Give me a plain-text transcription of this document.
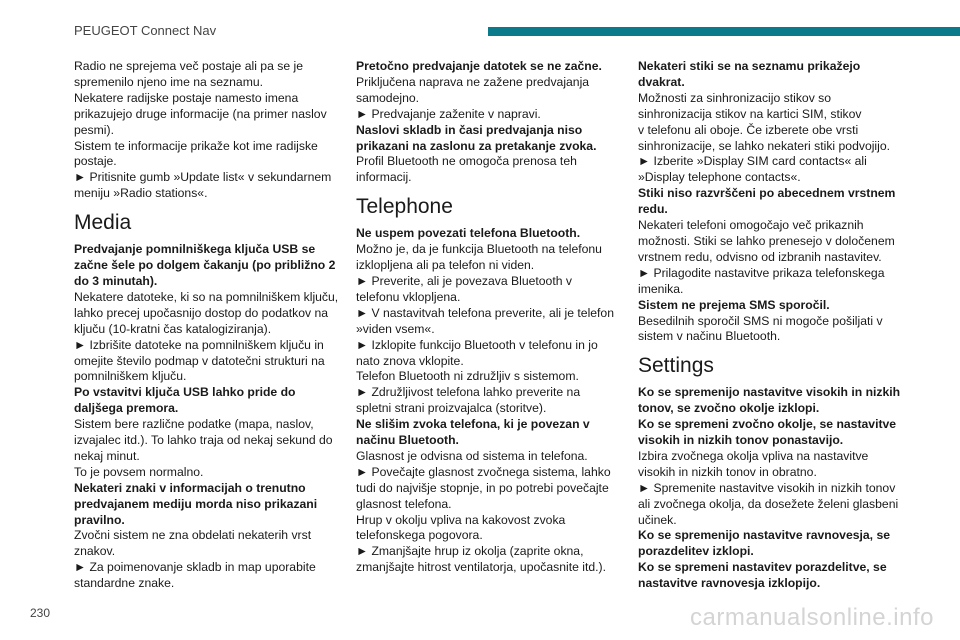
PEUGEOT Connect Nav

Radio ne sprejema več postaje ali pa se je

spremenilo njeno ime na seznamu.

Nekatere radijske postaje namesto imena

prikazujejo druge informacije (na primer naslov

pesmi).

Sistem te informacije prikaže kot ime radijske

postaje.

► Pritisnite gumb »Update list« v sekundarnem

meniju »Radio stations«.

Media

Predvajanje pomnilniškega ključa USB se

začne šele po dolgem čakanju (po približno 2

do 3 minutah).

Nekatere datoteke, ki so na pomnilniškem ključu,

lahko precej upočasnijo dostop do podatkov na

ključu (10-kratni čas katalogiziranja).

► Izbrišite datoteke na pomnilniškem ključu in

omejite število podmap v datotečni strukturi na

pomnilniškem ključu.

Po vstavitvi ključa USB lahko pride do

daljšega premora.

Sistem bere različne podatke (mapa, naslov,

izvajalec itd.). To lahko traja od nekaj sekund do

nekaj minut.

To je povsem normalno.

Nekateri znaki v informacijah o trenutno

predvajanem mediju morda niso prikazani

pravilno.

Zvočni sistem ne zna obdelati nekaterih vrst

znakov.

► Za poimenovanje skladb in map uporabite

standardne znake.

Pretočno predvajanje datotek se ne začne.

Priključena naprava ne zažene predvajanja

samodejno.

► Predvajanje zaženite v napravi.

Naslovi skladb in časi predvajanja niso

prikazani na zaslonu za pretakanje zvoka.

Profil Bluetooth ne omogoča prenosa teh

informacij.

Telephone

Ne uspem povezati telefona Bluetooth.

Možno je, da je funkcija Bluetooth na telefonu

izklopljena ali pa telefon ni viden.

► Preverite, ali je povezava Bluetooth v

telefonu vklopljena.

► V nastavitvah telefona preverite, ali je telefon

»viden vsem«.

► Izklopite funkcijo Bluetooth v telefonu in jo

nato znova vklopite.

Telefon Bluetooth ni združljiv s sistemom.

► Združljivost telefona lahko preverite na

spletni strani proizvajalca (storitve).

Ne slišim zvoka telefona, ki je povezan v

načinu Bluetooth.

Glasnost je odvisna od sistema in telefona.

► Povečajte glasnost zvočnega sistema, lahko

tudi do najvišje stopnje, in po potrebi povečajte

glasnost telefona.

Hrup v okolju vpliva na kakovost zvoka

telefonskega pogovora.

► Zmanjšajte hrup iz okolja (zaprite okna,

zmanjšajte hitrost ventilatorja, upočasnite itd.).

Nekateri stiki se na seznamu prikažejo

dvakrat.

Možnosti za sinhronizacijo stikov so

sinhronizacija stikov na kartici SIM, stikov

v telefonu ali oboje. Če izberete obe vrsti

sinhronizacije, se lahko nekateri stiki podvojijo.

► Izberite »Display SIM card contacts« ali

»Display telephone contacts«.

Stiki niso razvrščeni po abecednem vrstnem

redu.

Nekateri telefoni omogočajo več prikaznih

možnosti. Stiki se lahko prenesejo v določenem

vrstnem redu, odvisno od izbranih nastavitev.

► Prilagodite nastavitve prikaza telefonskega

imenika.

Sistem ne prejema SMS sporočil.

Besedilnih sporočil SMS ni mogoče pošiljati v

sistem v načinu Bluetooth.

Settings

Ko se spremenijo nastavitve visokih in nizkih

tonov, se zvočno okolje izklopi.

Ko se spremeni zvočno okolje, se nastavitve

visokih in nizkih tonov ponastavijo.

Izbira zvočnega okolja vpliva na nastavitve

visokih in nizkih tonov in obratno.

► Spremenite nastavitve visokih in nizkih tonov

ali zvočnega okolja, da dosežete želeni glasbeni

učinek.

Ko se spremenijo nastavitve ravnovesja, se

porazdelitev izklopi.

Ko se spremeni nastavitev porazdelitve, se

nastavitve ravnovesja izklopijo.

230	carmanualsonline.info
